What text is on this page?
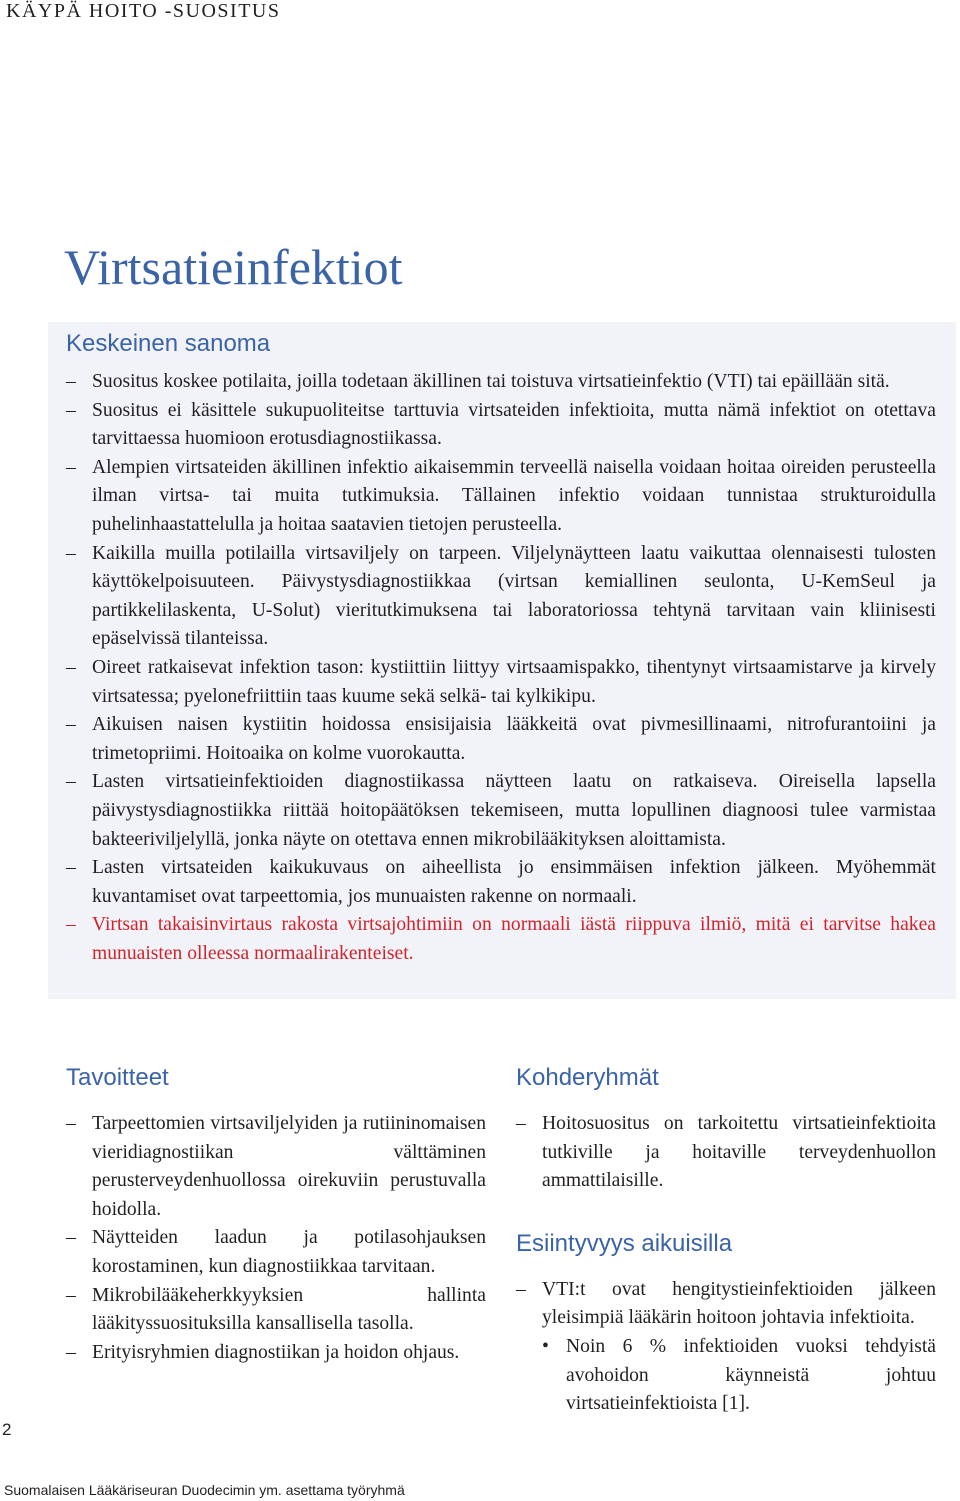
KÄYPÄ HOITO -SUOSITUS
Virtsatieinfektiot
Keskeinen sanoma
– Suositus koskee potilaita, joilla todetaan äkillinen tai toistuva virtsatieinfektio (VTI) tai epäillään sitä.
– Suositus ei käsittele sukupuoliteitse tarttuvia virtsateiden infektioita, mutta nämä infektiot on otettava tarvittaessa huomioon erotusdiagnostiikassa.
– Alempien virtsateiden äkillinen infektio aikaisemmin terveellä naisella voidaan hoitaa oireiden perusteella ilman virtsa- tai muita tutkimuksia. Tällainen infektio voidaan tunnistaa strukturoidulla puhelinhaastattelulla ja hoitaa saatavien tietojen perusteella.
– Kaikilla muilla potilailla virtsaviljely on tarpeen. Viljelynäytteen laatu vaikuttaa olennaisesti tulosten käyttökelpoisuuteen. Päivystysdiagnostiikkaa (virtsan kemiallinen seulonta, U-KemSeul ja partikkelilaskenta, U-Solut) vieritutkimuksena tai laboratoriossa tehtynä tarvitaan vain kliinisesti epäselvissä tilanteissa.
– Oireet ratkaisevat infektion tason: kystiittiin liittyy virtsaamispakko, tihentynyt virtsaamistarve ja kirvely virtsatessa; pyelonefriittiin taas kuume sekä selkä- tai kylkikipu.
– Aikuisen naisen kystiitin hoidossa ensisijaisia lääkkeitä ovat pivmesillinaami, nitrofurantoiini ja trimetopriimi. Hoitoaika on kolme vuorokautta.
– Lasten virtsatieinfektioiden diagnostiikassa näytteen laatu on ratkaiseva. Oireisella lapsella päivystysdiagnostiikka riittää hoitopäätöksen tekemiseen, mutta lopullinen diagnoosi tulee varmistaa bakteeriviljelyllä, jonka näyte on otettava ennen mikrobilääkityksen aloittamista.
– Lasten virtsateiden kaikukuvaus on aiheellista jo ensimmäisen infektion jälkeen. Myöhemmät kuvantamiset ovat tarpeettomia, jos munuaisten rakenne on normaali.
– Virtsan takaisinvirtaus rakosta virtsajohtimiin on normaali iästä riippuva ilmiö, mitä ei tarvitse hakea munuaisten olleessa normaalirakenteiset.
Tavoitteet
– Tarpeettomien virtsaviljelyiden ja rutiininomaisen vieridiagnostiikan välttäminen perusterveydenhuollossa oirekuviin perustuvalla hoidolla.
– Näytteiden laadun ja potilasohjauksen korostaminen, kun diagnostiikkaa tarvitaan.
– Mikrobilääkeherkkyyksien hallinta lääkityssuosituksilla kansallisella tasolla.
– Erityisryhmien diagnostiikan ja hoidon ohjaus.
Kohderyhmät
– Hoitosuositus on tarkoitettu virtsatieinfektioita tutkiville ja hoitaville terveydenhuollon ammattilaisille.
Esiintyvyys aikuisilla
– VTI:t ovat hengitystieinfektioiden jälkeen yleisimpiä lääkärin hoitoon johtavia infektioita.
• Noin 6 % infektioiden vuoksi tehdyistä avohoidon käynneistä johtuu virtsatieinfektioista [1].
2
Suomalaisen Lääkäriseuran Duodecimin ym. asettama työryhmä
